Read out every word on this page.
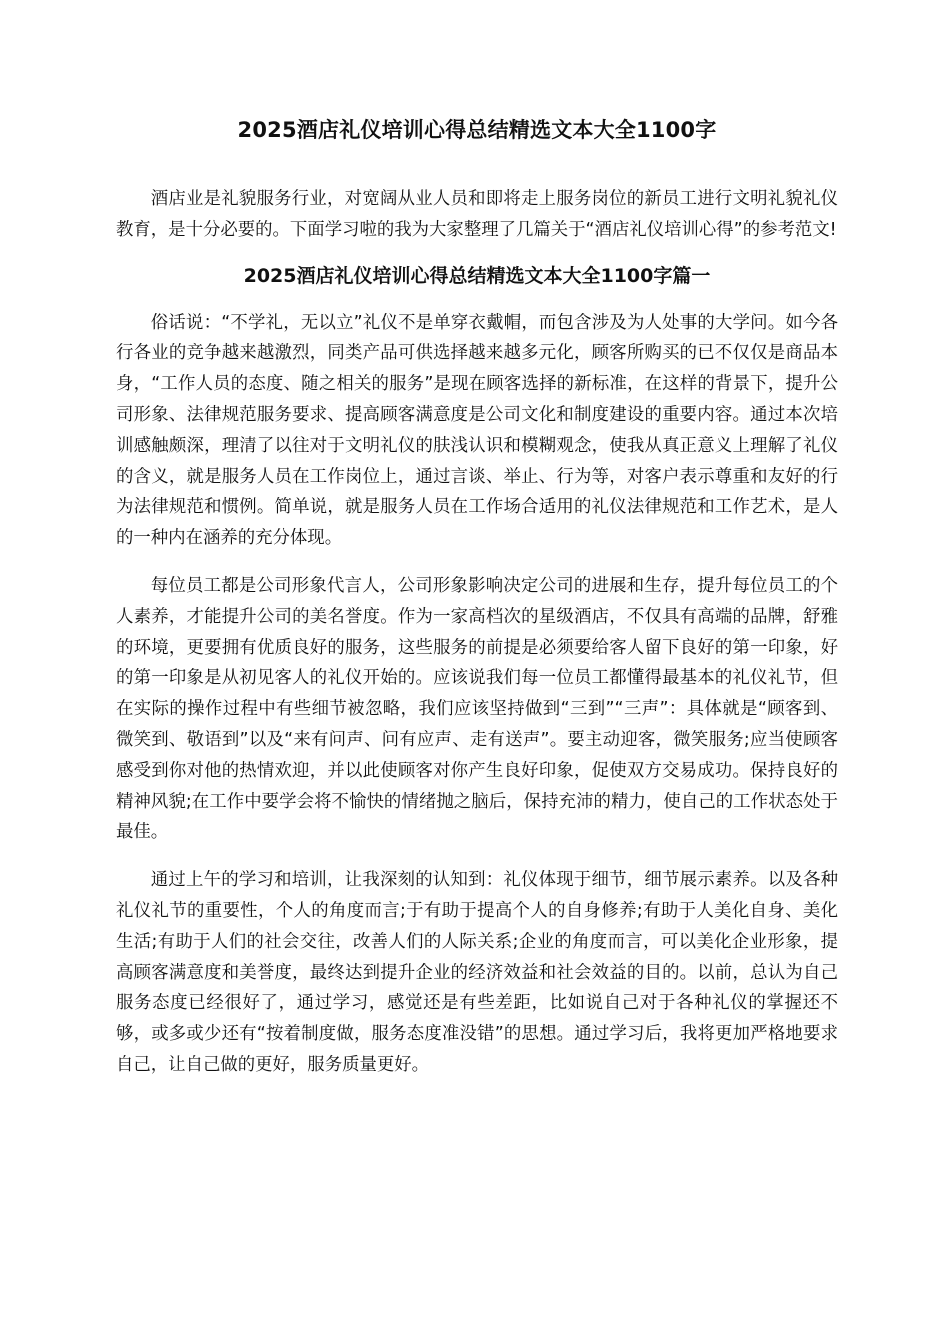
2025酒店礼仪培训心得总结精选文本大全1100字

酒店业是礼貌服务行业，对宽阔从业人员和即将走上服务岗位的新员工进行文明礼貌礼仪教育，是十分必要的。下面学习啦的我为大家整理了几篇关于“酒店礼仪培训心得”的参考范文!

2025酒店礼仪培训心得总结精选文本大全1100字篇一

俗话说：“不学礼，无以立”礼仪不是单穿衣戴帽，而包含涉及为人处事的大学问。如今各行各业的竞争越来越激烈，同类产品可供选择越来越多元化，顾客所购买的已不仅仅是商品本身，“工作人员的态度、随之相关的服务”是现在顾客选择的新标准，在这样的背景下，提升公司形象、法律规范服务要求、提高顾客满意度是公司文化和制度建设的重要内容。通过本次培训感触颇深，理清了以往对于文明礼仪的肤浅认识和模糊观念，使我从真正意义上理解了礼仪的含义，就是服务人员在工作岗位上，通过言谈、举止、行为等，对客户表示尊重和友好的行为法律规范和惯例。简单说，就是服务人员在工作场合适用的礼仪法律规范和工作艺术，是人的一种内在涵养的充分体现。

每位员工都是公司形象代言人，公司形象影响决定公司的进展和生存，提升每位员工的个人素养，才能提升公司的美名誉度。作为一家高档次的星级酒店，不仅具有高端的品牌，舒雅的环境，更要拥有优质良好的服务，这些服务的前提是必须要给客人留下良好的第一印象，好的第一印象是从初见客人的礼仪开始的。应该说我们每一位员工都懂得最基本的礼仪礼节，但在实际的操作过程中有些细节被忽略，我们应该坚持做到“三到”“三声”：具体就是“顾客到、微笑到、敬语到”以及“来有问声、问有应声、走有送声”。要主动迎客，微笑服务;应当使顾客感受到你对他的热情欢迎，并以此使顾客对你产生良好印象，促使双方交易成功。保持良好的精神风貌;在工作中要学会将不愉快的情绪抛之脑后，保持充沛的精力，使自己的工作状态处于最佳。

通过上午的学习和培训，让我深刻的认知到：礼仪体现于细节，细节展示素养。以及各种礼仪礼节的重要性，个人的角度而言;于有助于提高个人的自身修养;有助于人美化自身、美化生活;有助于人们的社会交往，改善人们的人际关系;企业的角度而言，可以美化企业形象，提高顾客满意度和美誉度，最终达到提升企业的经济效益和社会效益的目的。以前，总认为自己服务态度已经很好了，通过学习，感觉还是有些差距，比如说自己对于各种礼仪的掌握还不够，或多或少还有“按着制度做，服务态度准没错”的思想。通过学习后，我将更加严格地要求自己，让自己做的更好，服务质量更好。
